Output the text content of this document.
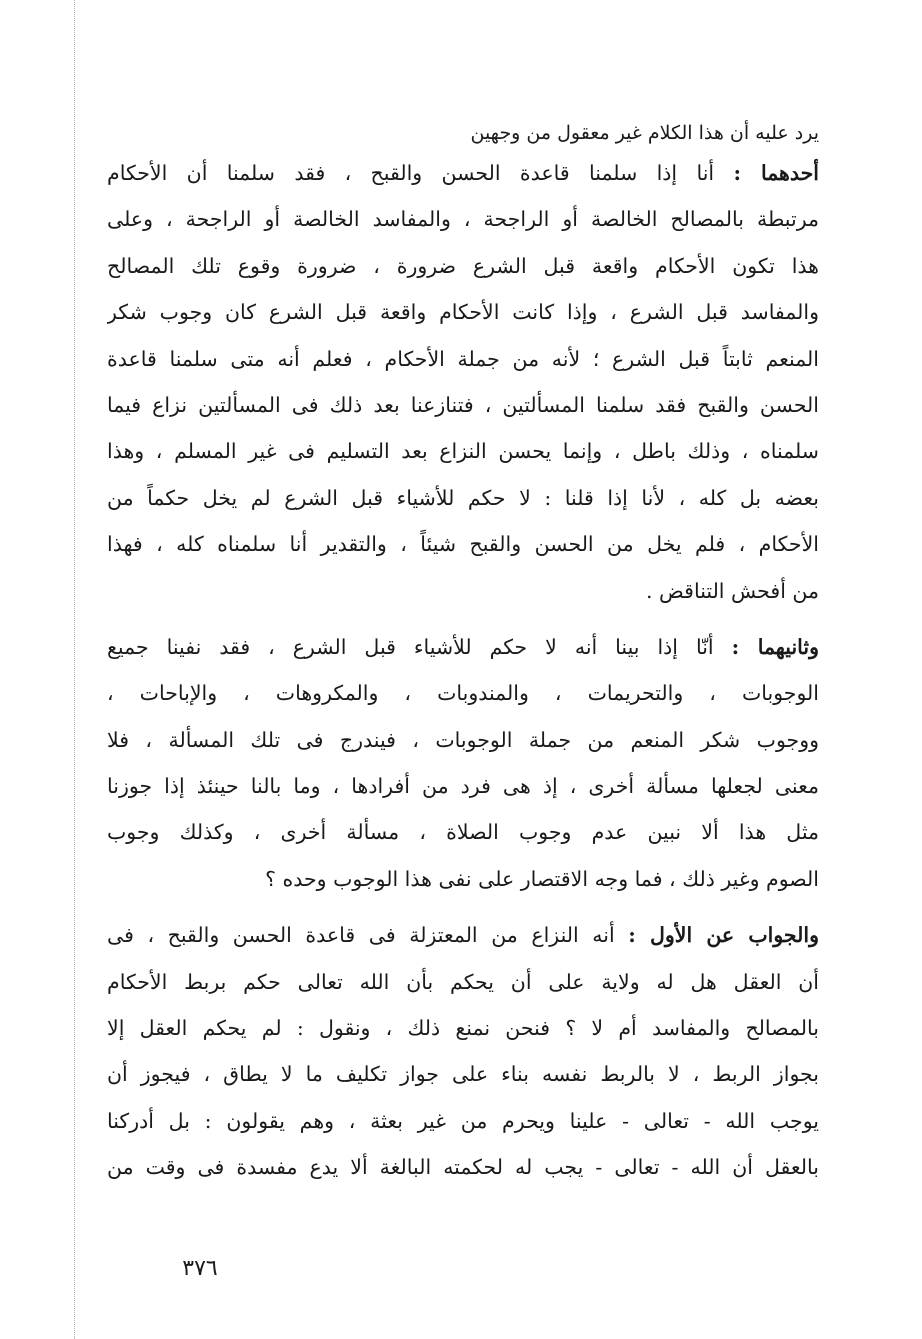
يرد عليه أن هذا الكلام غير معقول من وجهين
أحدهما : أنا إذا سلمنا قاعدة الحسن والقبح ، فقد سلمنا أن الأحكام
مرتبطة بالمصالح الخالصة أو الراجحة ، والمفاسد الخالصة أو الراجحة ، وعلى
هذا تكون الأحكام واقعة قبل الشرع ضرورة ، ضرورة وقوع تلك المصالح
والمفاسد قبل الشرع ، وإذا كانت الأحكام واقعة قبل الشرع كان وجوب شكر
المنعم ثابتاً قبل الشرع ؛ لأنه من جملة الأحكام ، فعلم أنه متى سلمنا قاعدة
الحسن والقبح فقد سلمنا المسألتين ، فتنازعنا بعد ذلك فى المسألتين نزاع فيما
سلمناه ، وذلك باطل ، وإنما يحسن النزاع بعد التسليم فى غير المسلم ، وهذا
بعضه بل كله ، لأنا إذا قلنا : لا حكم للأشياء قبل الشرع لم يخل حكماً من
الأحكام ، فلم يخل من الحسن والقبح شيئاً ، والتقدير أنا سلمناه كله ، فهذا
من أفحش التناقض .
وثانيهما : أنّا إذا بينا أنه لا حكم للأشياء قبل الشرع ، فقد نفينا جميع
الوجوبات ، والتحريمات ، والمندوبات ، والمكروهات ، والإباحات ،
ووجوب شكر المنعم من جملة الوجوبات ، فيندرج فى تلك المسألة ، فلا
معنى لجعلها مسألة أخرى ، إذ هى فرد من أفرادها ، وما بالنا حينئذ إذا جوزنا
مثل هذا ألا نبين عدم وجوب الصلاة ، مسألة أخرى ، وكذلك وجوب
الصوم وغير ذلك ، فما وجه الاقتصار على نفى هذا الوجوب وحده ؟
والجواب عن الأول : أنه النزاع من المعتزلة فى قاعدة الحسن والقبح ، فى
أن العقل هل له ولاية على أن يحكم بأن الله تعالى حكم بربط الأحكام
بالمصالح والمفاسد أم لا ؟ فنحن نمنع ذلك ، ونقول : لم يحكم العقل إلا
بجواز الربط ، لا بالربط نفسه بناء على جواز تكليف ما لا يطاق ، فيجوز أن
يوجب الله - تعالى - علينا ويحرم من غير بعثة ، وهم يقولون : بل أدركنا
بالعقل أن الله - تعالى - يجب له لحكمته البالغة ألا يدع مفسدة فى وقت من
٣٧٦
